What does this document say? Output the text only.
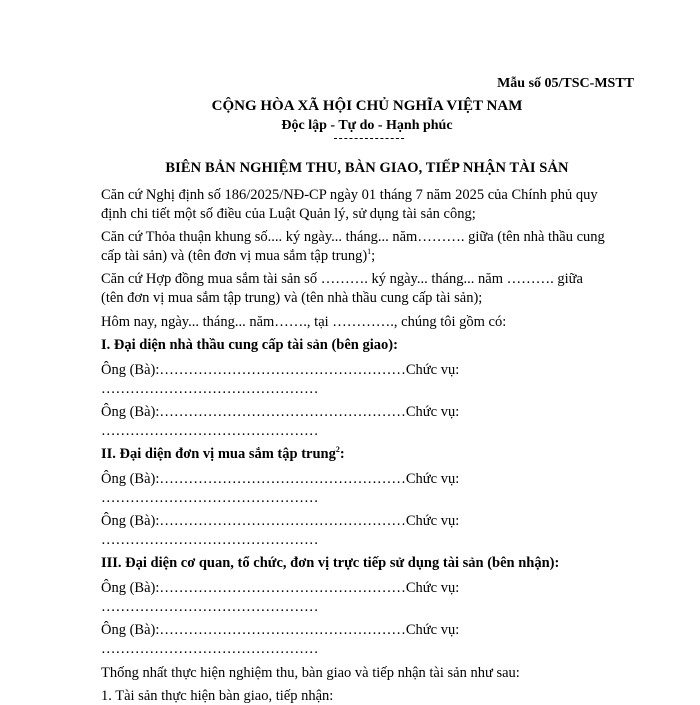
Mẫu số 05/TSC-MSTT
CỘNG HÒA XÃ HỘI CHỦ NGHĨA VIỆT NAM
Độc lập - Tự do - Hạnh phúc
BIÊN BẢN NGHIỆM THU, BÀN GIAO, TIẾP NHẬN TÀI SẢN
Căn cứ Nghị định số 186/2025/NĐ-CP ngày 01 tháng 7 năm 2025 của Chính phủ quy
định chi tiết một số điều của Luật Quản lý, sử dụng tài sản công;
Căn cứ Thỏa thuận khung số.... ký ngày... tháng... năm………. giữa (tên nhà thầu cung
cấp tài sản) và (tên đơn vị mua sắm tập trung)$^1$;
Căn cứ Hợp đồng mua sắm tài sản số ………. ký ngày... tháng... năm ………. giữa
(tên đơn vị mua sắm tập trung) và (tên nhà thầu cung cấp tài sản);
Hôm nay, ngày... tháng... năm……., tại …………., chúng tôi gồm có:
I. Đại diện nhà thầu cung cấp tài sản (bên giao):
Ông (Bà):……………………………………………Chức vụ:
………………………………………
Ông (Bà):……………………………………………Chức vụ:
………………………………………
II. Đại diện đơn vị mua sắm tập trung$^2$:
Ông (Bà):……………………………………………Chức vụ:
………………………………………
Ông (Bà):……………………………………………Chức vụ:
………………………………………
III. Đại diện cơ quan, tổ chức, đơn vị trực tiếp sử dụng tài sản (bên nhận):
Ông (Bà):……………………………………………Chức vụ:
………………………………………
Ông (Bà):……………………………………………Chức vụ:
………………………………………
Thống nhất thực hiện nghiệm thu, bàn giao và tiếp nhận tài sản như sau:
1. Tài sản thực hiện bàn giao, tiếp nhận:
